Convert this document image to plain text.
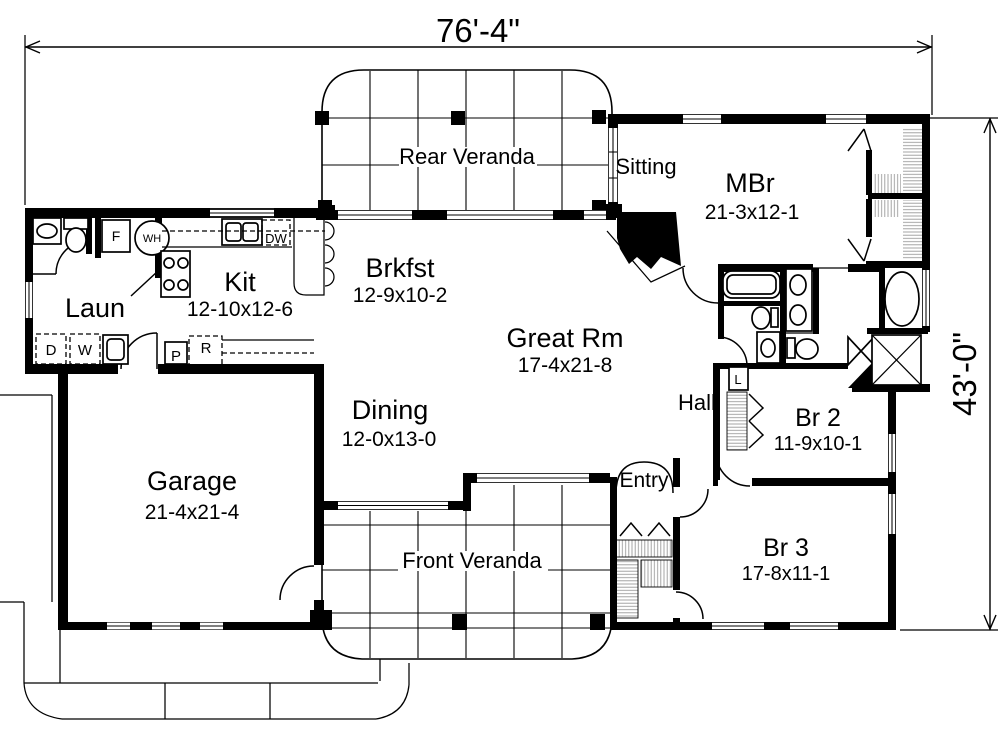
76'-4"
43'-0"
Rear Veranda
Front Veranda
Sitting
MBr
21-3x12-1
Kit
12-10x12-6
Brkfst
12-9x10-2
Laun
Great Rm
17-4x21-8
Hall
Br 2
11-9x10-1
Dining
12-0x13-0
Garage
21-4x21-4
Entry
Br 3
17-8x11-1
F WH	DW
D W	P R
L
